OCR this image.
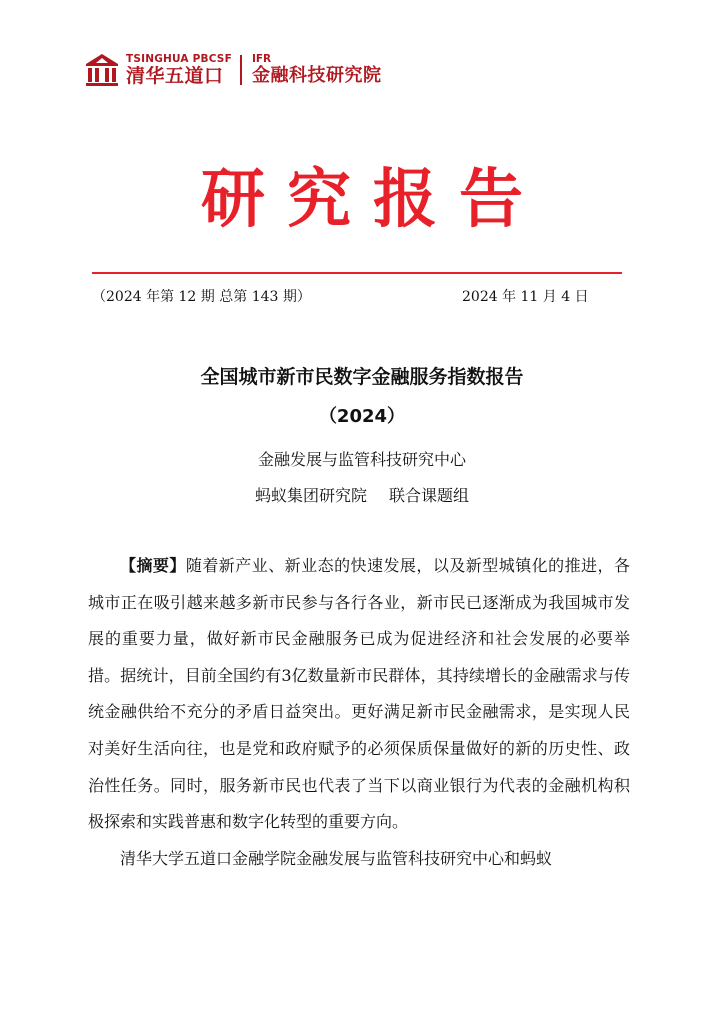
TSINGHUA PBCSF
清华五道口
IFR
金融科技研究院
研究报告
（2024 年第 12 期 总第 143 期）	2024 年 11 月 4 日
全国城市新市民数字金融服务指数报告
（2024）
金融发展与监管科技研究中心
蚂蚁集团研究院 联合课题组

【摘要】随着新产业、新业态的快速发展，以及新型城镇化的推进，各城市正在吸引越来越多新市民参与各行各业，新市民已逐渐成为我国城市发展的重要力量，做好新市民金融服务已成为促进经济和社会发展的必要举措。据统计，目前全国约有3亿数量新市民群体，其持续增长的金融需求与传统金融供给不充分的矛盾日益突出。更好满足新市民金融需求，是实现人民对美好生活向往，也是党和政府赋予的必须保质保量做好的新的历史性、政治性任务。同时，服务新市民也代表了当下以商业银行为代表的金融机构积极探索和实践普惠和数字化转型的重要方向。

清华大学五道口金融学院金融发展与监管科技研究中心和蚂蚁
